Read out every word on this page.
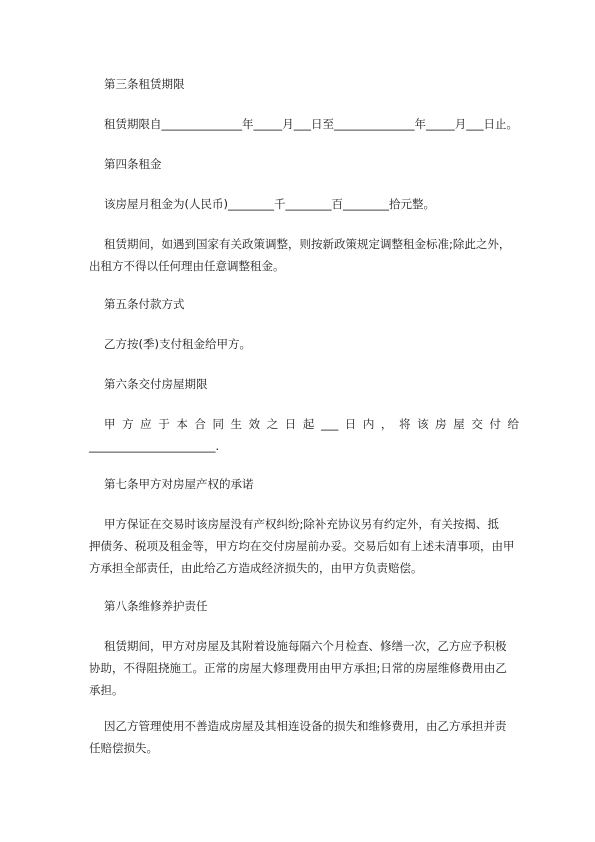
第三条租赁期限
租赁期限自______________年_____月___日至______________年_____月___日止。
第四条租金
该房屋月租金为(人民币)________千________百________拾元整。
租赁期间，如遇到国家有关政策调整，则按新政策规定调整租金标准;除此之外，
出租方不得以任何理由任意调整租金。
第五条付款方式
乙方按(季)支付租金给甲方。
第六条交付房屋期限
甲 方 应 于 本 合 同 生 效 之 日 起 ___ 日 内 ， 将 该 房 屋 交 付 给
______________________.
第七条甲方对房屋产权的承诺
甲方保证在交易时该房屋没有产权纠纷;除补充协议另有约定外，有关按揭、抵
押债务、税项及租金等，甲方均在交付房屋前办妥。交易后如有上述未清事项，由甲
方承担全部责任，由此给乙方造成经济损失的，由甲方负责赔偿。
第八条维修养护责任
租赁期间，甲方对房屋及其附着设施每隔六个月检查、修缮一次，乙方应予积极
协助，不得阻挠施工。正常的房屋大修理费用由甲方承担;日常的房屋维修费用由乙
承担。
因乙方管理使用不善造成房屋及其相连设备的损失和维修费用，由乙方承担并责
任赔偿损失。
